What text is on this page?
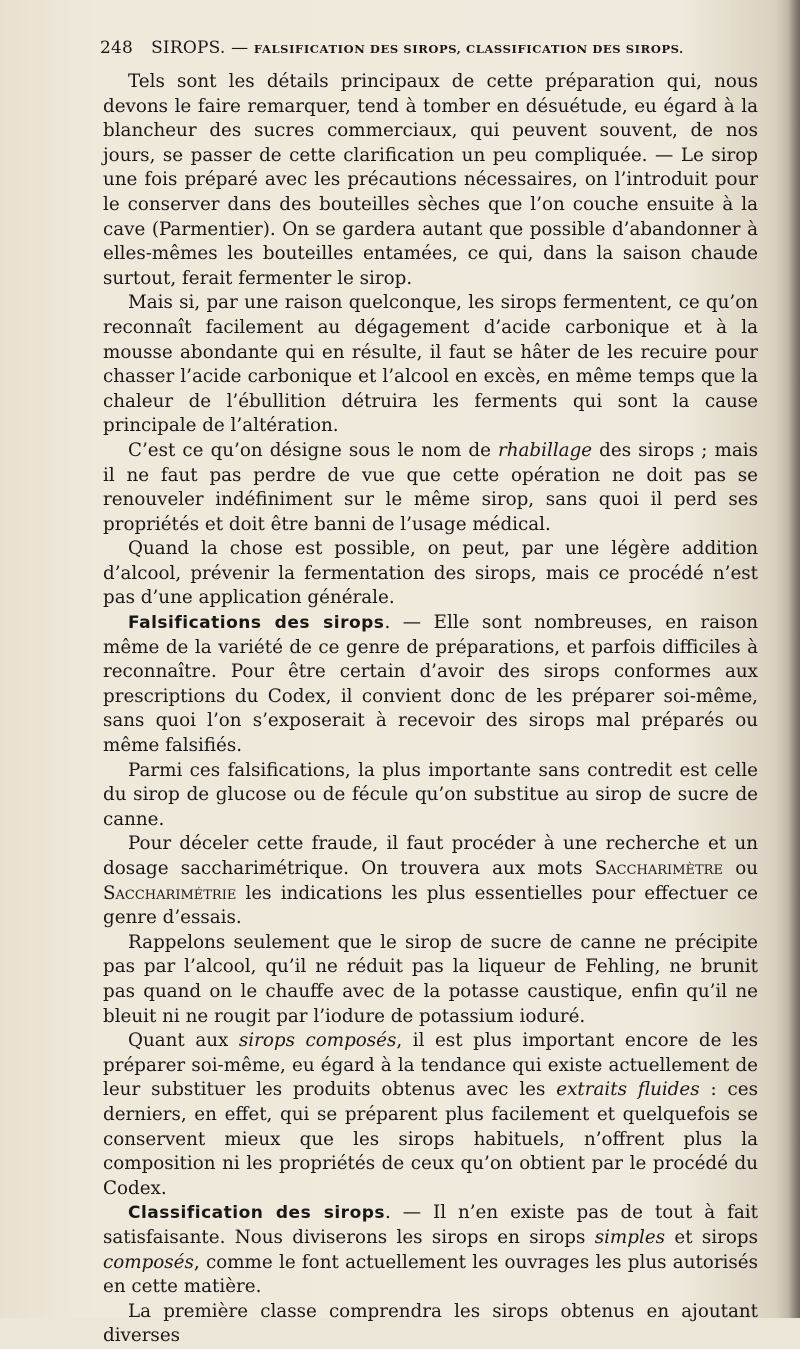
248 SIROPS. — FALSIFICATION DES SIROPS, CLASSIFICATION DES SIROPS.

Tels sont les détails principaux de cette préparation qui, nous devons le faire remarquer, tend à tomber en désuétude, eu égard à la blancheur des sucres commerciaux, qui peuvent souvent, de nos jours, se passer de cette clarification un peu compliquée. — Le sirop une fois préparé avec les précautions nécessaires, on l’introduit pour le conserver dans des bouteilles sèches que l’on couche ensuite à la cave (Parmentier). On se gardera autant que possible d’abandonner à elles-mêmes les bouteilles entamées, ce qui, dans la saison chaude surtout, ferait fermenter le sirop.

Mais si, par une raison quelconque, les sirops fermentent, ce qu’on reconnaît facilement au dégagement d’acide carbonique et à la mousse abondante qui en résulte, il faut se hâter de les recuire pour chasser l’acide carbonique et l’alcool en excès, en même temps que la chaleur de l’ébullition détruira les ferments qui sont la cause principale de l’altération.

C’est ce qu’on désigne sous le nom de rhabillage des sirops ; mais il ne faut pas perdre de vue que cette opération ne doit pas se renouveler indéfiniment sur le même sirop, sans quoi il perd ses propriétés et doit être banni de l’usage médical.

Quand la chose est possible, on peut, par une légère addition d’alcool, prévenir la fermentation des sirops, mais ce procédé n’est pas d’une application générale.

Falsifications des sirops. — Elle sont nombreuses, en raison même de la variété de ce genre de préparations, et parfois difficiles à reconnaître. Pour être certain d’avoir des sirops conformes aux prescriptions du Codex, il convient donc de les préparer soi-même, sans quoi l’on s’exposerait à recevoir des sirops mal préparés ou même falsifiés.

Parmi ces falsifications, la plus importante sans contredit est celle du sirop de glucose ou de fécule qu’on substitue au sirop de sucre de canne.

Pour déceler cette fraude, il faut procéder à une recherche et un dosage saccharimétrique. On trouvera aux mots Saccharimètre ou Saccharimétrie les indications les plus essentielles pour effectuer ce genre d’essais.

Rappelons seulement que le sirop de sucre de canne ne précipite pas par l’alcool, qu’il ne réduit pas la liqueur de Fehling, ne brunit pas quand on le chauffe avec de la potasse caustique, enfin qu’il ne bleuit ni ne rougit par l’iodure de potassium ioduré.

Quant aux sirops composés, il est plus important encore de les préparer soi-même, eu égard à la tendance qui existe actuellement de leur substituer les produits obtenus avec les extraits fluides : ces derniers, en effet, qui se préparent plus facilement et quelquefois se conservent mieux que les sirops habituels, n’offrent plus la composition ni les propriétés de ceux qu’on obtient par le procédé du Codex.

Classification des sirops. — Il n’en existe pas de tout à fait satisfaisante. Nous diviserons les sirops en sirops simples et sirops composés, comme le font actuellement les ouvrages les plus autorisés en cette matière.

La première classe comprendra les sirops obtenus en ajoutant diverses
